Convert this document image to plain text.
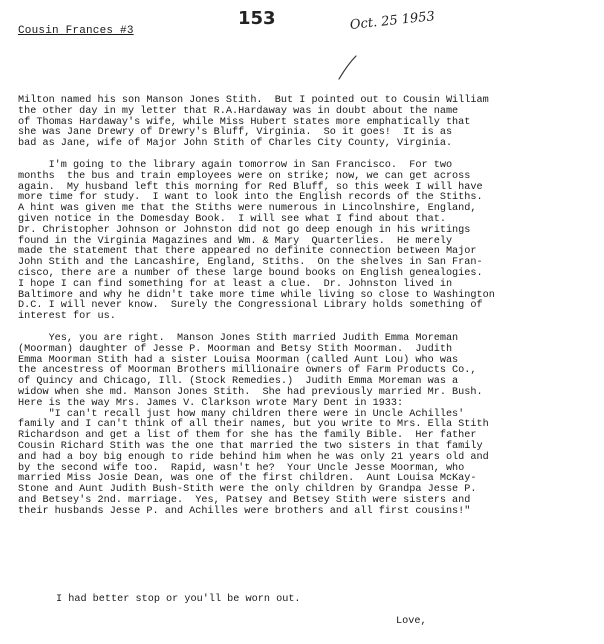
Cousin Frances #3
153	Oct. 25 1953
Milton named his son Manson Jones Stith.  But I pointed out to Cousin William
the other day in my letter that R.A.Hardaway was in doubt about the name
of Thomas Hardaway's wife, while Miss Hubert states more emphatically that
she was Jane Drewry of Drewry's Bluff, Virginia.  So it goes!  It is as
bad as Jane, wife of Major John Stith of Charles City County, Virginia.
I'm going to the library again tomorrow in San Francisco.  For two
months  the bus and train employees were on strike; now, we can get across
again.  My husband left this morning for Red Bluff, so this week I will have
more time for study.  I want to look into the English records of the Stiths.
A hint was given me that the Stiths were numerous in Lincolnshire, England,
given notice in the Domesday Book.  I will see what I find about that.
Dr. Christopher Johnson or Johnston did not go deep enough in his writings
found in the Virginia Magazines and Wm. & Mary  Quarterlies.  He merely
made the statement that there appeared no definite connection between Major
John Stith and the Lancashire, England, Stiths.  On the shelves in San Fran-
cisco, there are a number of these large bound books on English genealogies.
I hope I can find something for at least a clue.  Dr. Johnston lived in
Baltimore and why he didn't take more time while living so close to Washington
D.C. I will never know.  Surely the Congressional Library holds something of
interest for us.
Yes, you are right.  Manson Jones Stith married Judith Emma Moreman
(Moorman) daughter of Jesse P. Moorman and Betsy Stith Moorman.  Judith
Emma Moorman Stith had a sister Louisa Moorman (called Aunt Lou) who was
the ancestress of Moorman Brothers millionaire owners of Farm Products Co.,
of Quincy and Chicago, Ill. (Stock Remedies.)  Judith Emma Moreman was a
widow when she md. Manson Jones Stith.  She had previously married Mr. Bush.
Here is the way Mrs. James V. Clarkson wrote Mary Dent in 1933:
"I can't recall just how many children there were in Uncle Achilles'
family and I can't think of all their names, but you write to Mrs. Ella Stith
Richardson and get a list of them for she has the family Bible.  Her father
Cousin Richard Stith was the one that married the two sisters in that family
and had a boy big enough to ride behind him when he was only 21 years old and
by the second wife too.  Rapid, wasn't he?  Your Uncle Jesse Moorman, who
married Miss Josie Dean, was one of the first children.  Aunt Louisa McKay-
Stone and Aunt Judith Bush-Stith were the only children by Grandpa Jesse P.
and Betsey's 2nd. marriage.  Yes, Patsey and Betsey Stith were sisters and
their husbands Jesse P. and Achilles were brothers and all first cousins!"
I had better stop or you'll be worn out.
Love,
